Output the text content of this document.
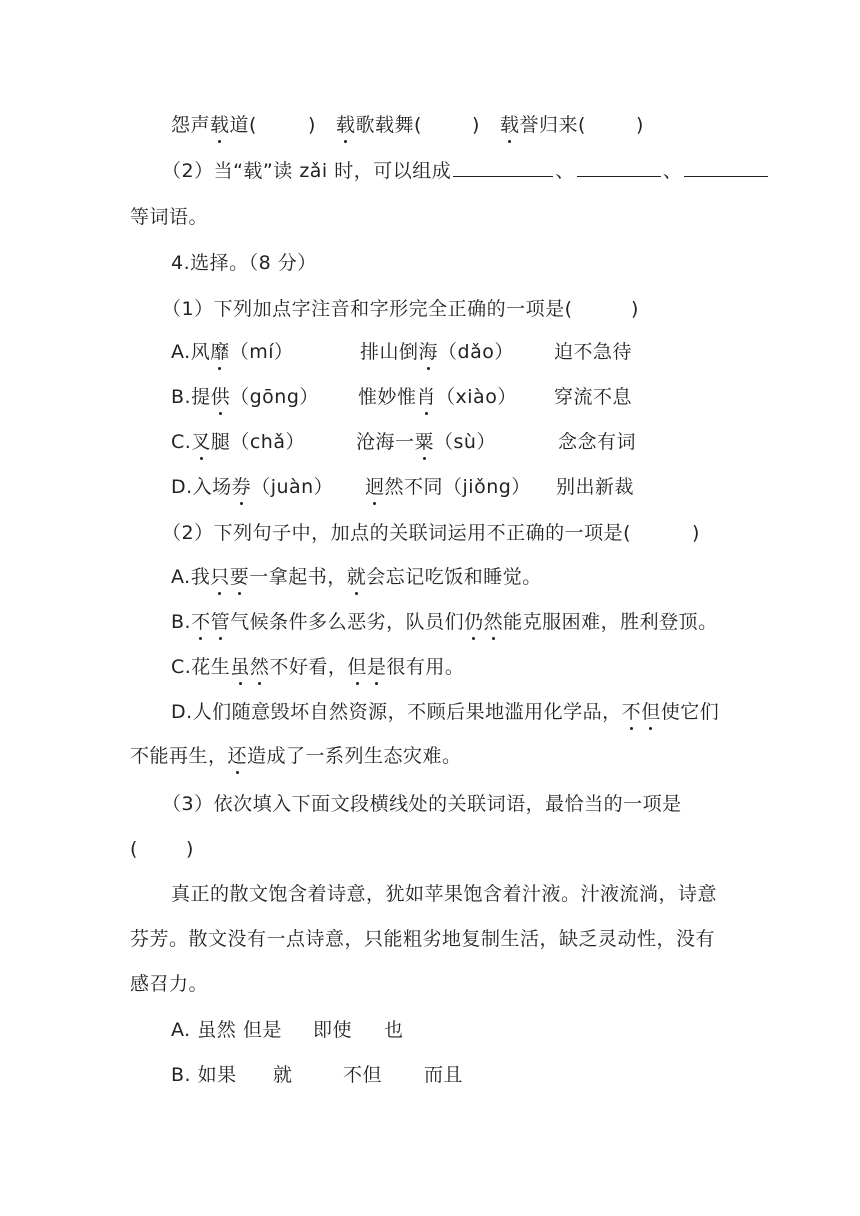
怨声载道(	) 载歌载舞(	) 载誉归来(	)
（2）当“载”读 zǎi 时，可以组成	、	、
等词语。
4.选择。（8 分）
（1）下列加点字注音和字形完全正确的一项是(	)
A.风靡（mí）	排山倒海（dǎo） 迫不急待
B.提供（gōng） 惟妙惟肖（xiào） 穿流不息
C.叉腿（chǎ）	沧海一粟（sù）	念念有词
D.入场券（juàn） 迥然不同（jiǒng） 别出新裁
（2）下列句子中，加点的关联词运用不正确的一项是(	)
A.我只要一拿起书，就会忘记吃饭和睡觉。
B.不管气候条件多么恶劣，队员们仍然能克服困难，胜利登顶。
C.花生虽然不好看，但是很有用。
D.人们随意毁坏自然资源，不顾后果地滥用化学品，不但使它们
不能再生，还造成了一系列生态灾难。
（3）依次填入下面文段横线处的关联词语，最恰当的一项是
(	)
真正的散文饱含着诗意，犹如苹果饱含着汁液。汁液流淌，诗意
芬芳。散文没有一点诗意，只能粗劣地复制生活，缺乏灵动性，没有
感召力。
A. 虽然 但是 即使 也
B. 如果 就	不但 而且
